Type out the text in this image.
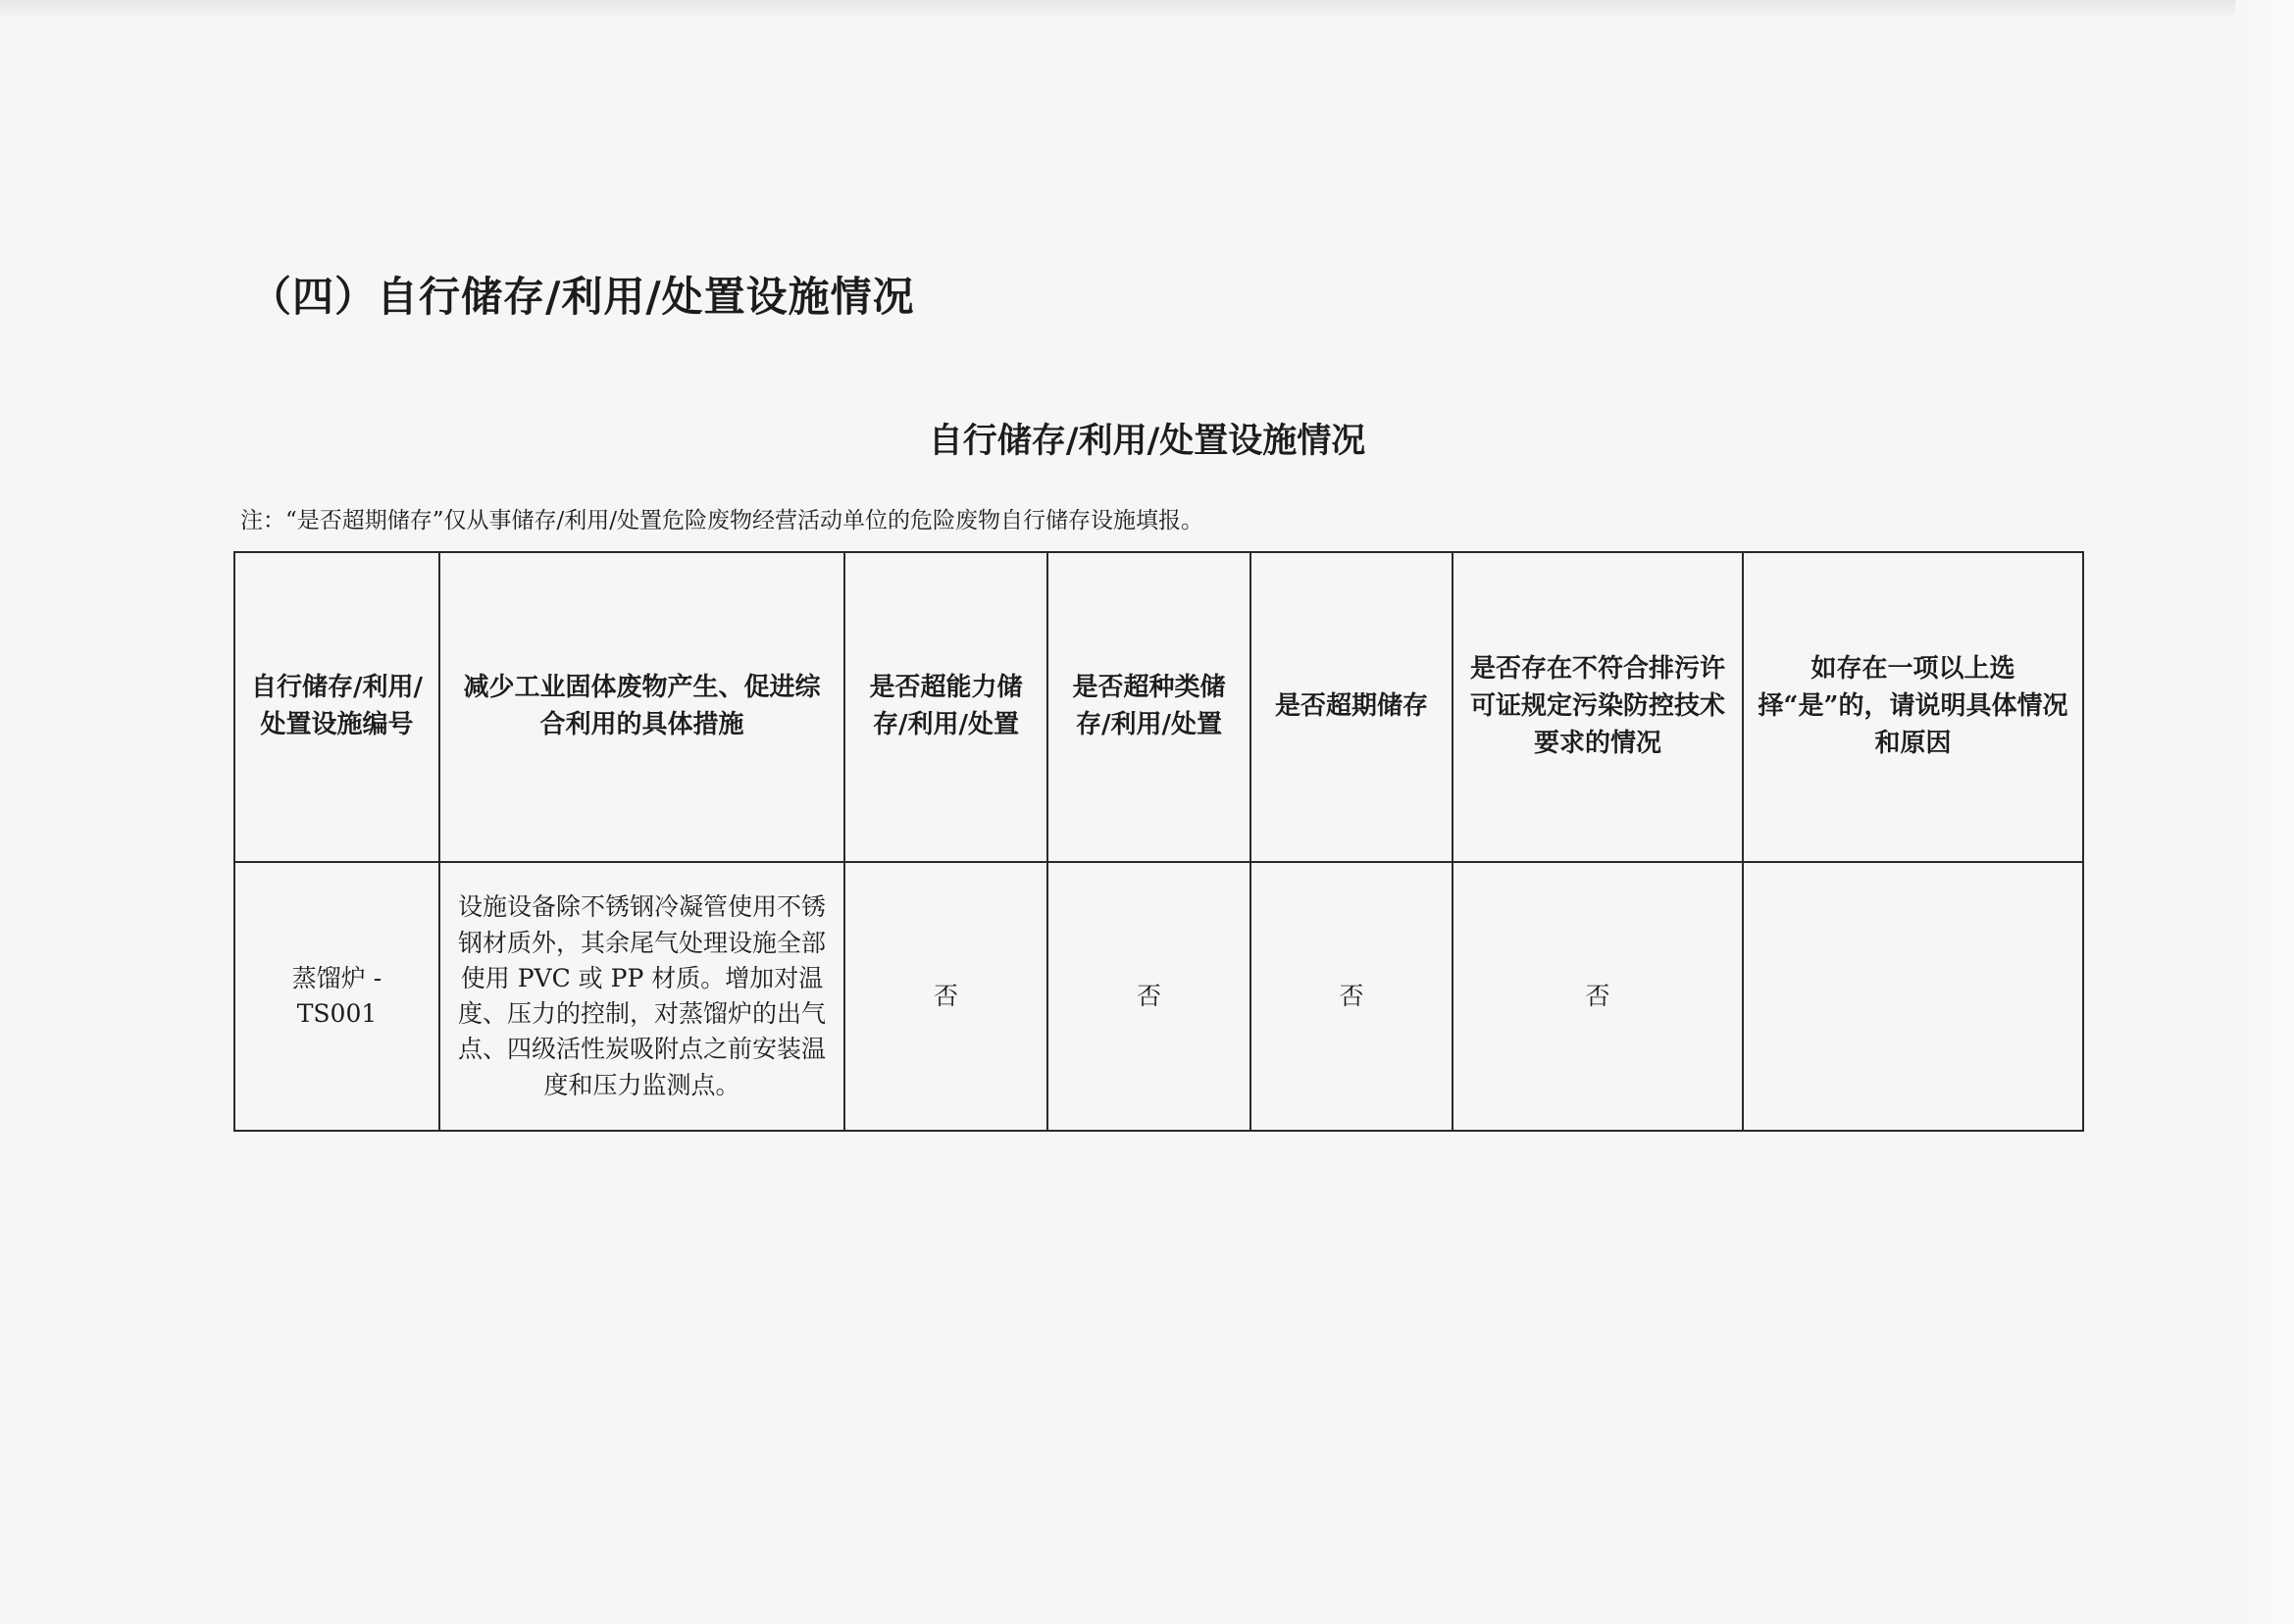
（四）自行储存/利用/处置设施情况
自行储存/利用/处置设施情况
注：“是否超期储存”仅从事储存/利用/处置危险废物经营活动单位的危险废物自行储存设施填报。
自行储存/利用/处置设施编号	减少工业固体废物产生、促进综合利用的具体措施	是否超能力储存/利用/处置	是否超种类储存/利用/处置	是否超期储存	是否存在不符合排污许可证规定污染防控技术要求的情况	如存在一项以上选择“是”的，请说明具体情况和原因
蒸馏炉 - TS001	设施设备除不锈钢冷凝管使用不锈钢材质外，其余尾气处理设施全部使用 PVC 或 PP 材质。增加对温度、压力的控制，对蒸馏炉的出气点、四级活性炭吸附点之前安装温度和压力监测点。	否	否	否	否	
